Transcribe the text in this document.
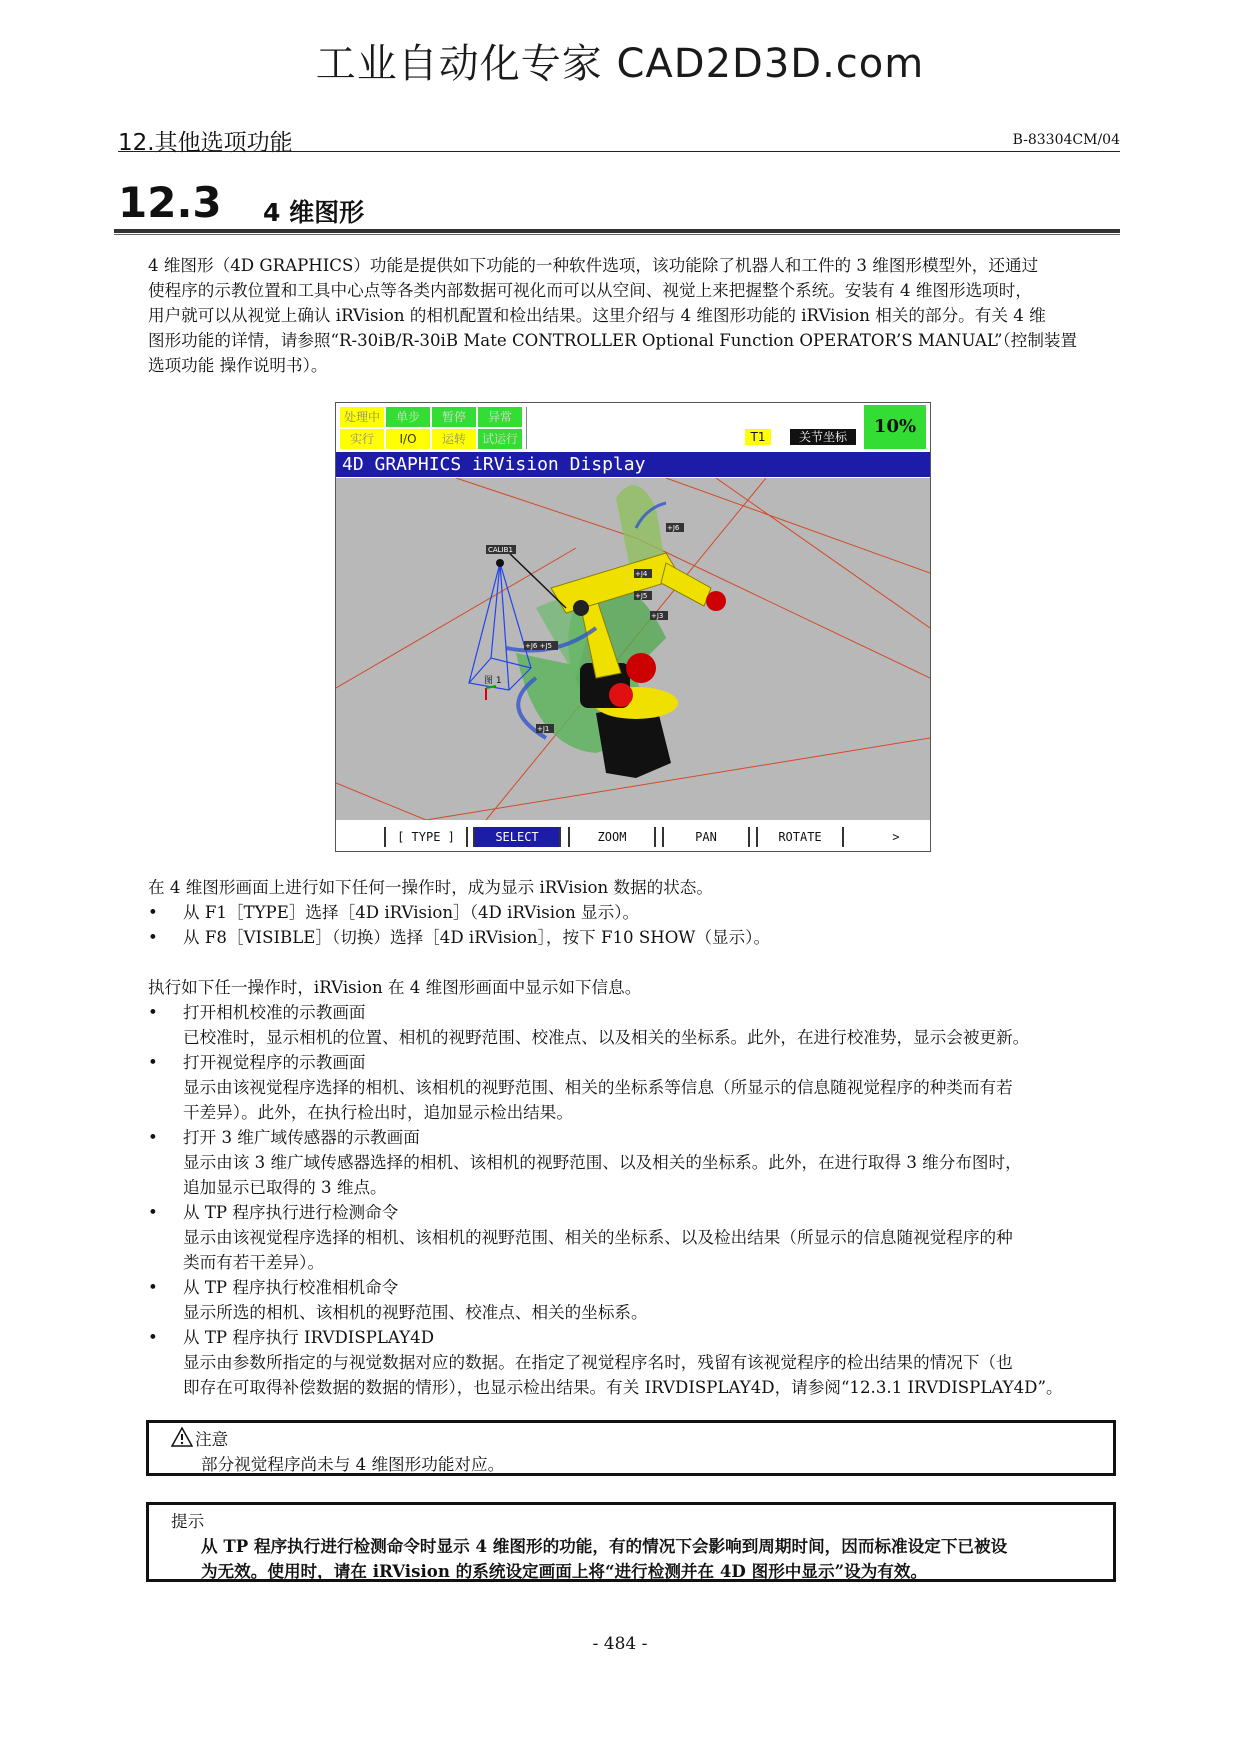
工业自动化专家 CAD2D3D.com
12.其他选项功能	B-83304CM/04
12.3 4 维图形
4 维图形（4D GRAPHICS）功能是提供如下功能的一种软件选项，该功能除了机器人和工件的 3 维图形模型外，还通过
使程序的示教位置和工具中心点等各类内部数据可视化而可以从空间、视觉上来把握整个系统。安装有 4 维图形选项时，
用户就可以从视觉上确认 iRVision 的相机配置和检出结果。这里介绍与 4 维图形功能的 iRVision 相关的部分。有关 4 维
图形功能的详情，请参照“R-30iB/R-30iB Mate CONTROLLER Optional Function OPERATOR’S MANUAL”（控制装置
选项功能 操作说明书）。
处理中	单步	暂停	异常
实行	I/O	运转	试运行	T1	关节坐标	10%
4D GRAPHICS iRVision Display
CALIB1
+J6
+J5
+J4
+J3
+J6 +J5
+J1
图 1
[ TYPE ]	SELECT	ZOOM	PAN	ROTATE	>
在 4 维图形画面上进行如下任何一操作时，成为显示 iRVision 数据的状态。
• 从 F1［TYPE］选择［4D iRVision］（4D iRVision 显示）。
• 从 F8［VISIBLE］（切换）选择［4D iRVision］，按下 F10 SHOW（显示）。
执行如下任一操作时，iRVision 在 4 维图形画面中显示如下信息。
• 打开相机校准的示教画面
已校准时，显示相机的位置、相机的视野范围、校准点、以及相关的坐标系。此外，在进行校准势，显示会被更新。
• 打开视觉程序的示教画面
显示由该视觉程序选择的相机、该相机的视野范围、相关的坐标系等信息（所显示的信息随视觉程序的种类而有若
干差异）。此外，在执行检出时，追加显示检出结果。
• 打开 3 维广域传感器的示教画面
显示由该 3 维广域传感器选择的相机、该相机的视野范围、以及相关的坐标系。此外，在进行取得 3 维分布图时，
追加显示已取得的 3 维点。
• 从 TP 程序执行进行检测命令
显示由该视觉程序选择的相机、该相机的视野范围、相关的坐标系、以及检出结果（所显示的信息随视觉程序的种
类而有若干差异）。
• 从 TP 程序执行校准相机命令
显示所选的相机、该相机的视野范围、校准点、相关的坐标系。
• 从 TP 程序执行 IRVDISPLAY4D
显示由参数所指定的与视觉数据对应的数据。在指定了视觉程序名时，残留有该视觉程序的检出结果的情况下（也
即存在可取得补偿数据的数据的情形），也显示检出结果。有关 IRVDISPLAY4D，请参阅“12.3.1 IRVDISPLAY4D”。
注意
部分视觉程序尚未与 4 维图形功能对应。
提示
从 TP 程序执行进行检测命令时显示 4 维图形的功能，有的情况下会影响到周期时间，因而标准设定下已被设
为无效。使用时，请在 iRVision 的系统设定画面上将“进行检测并在 4D 图形中显示”设为有效。
- 484 -
